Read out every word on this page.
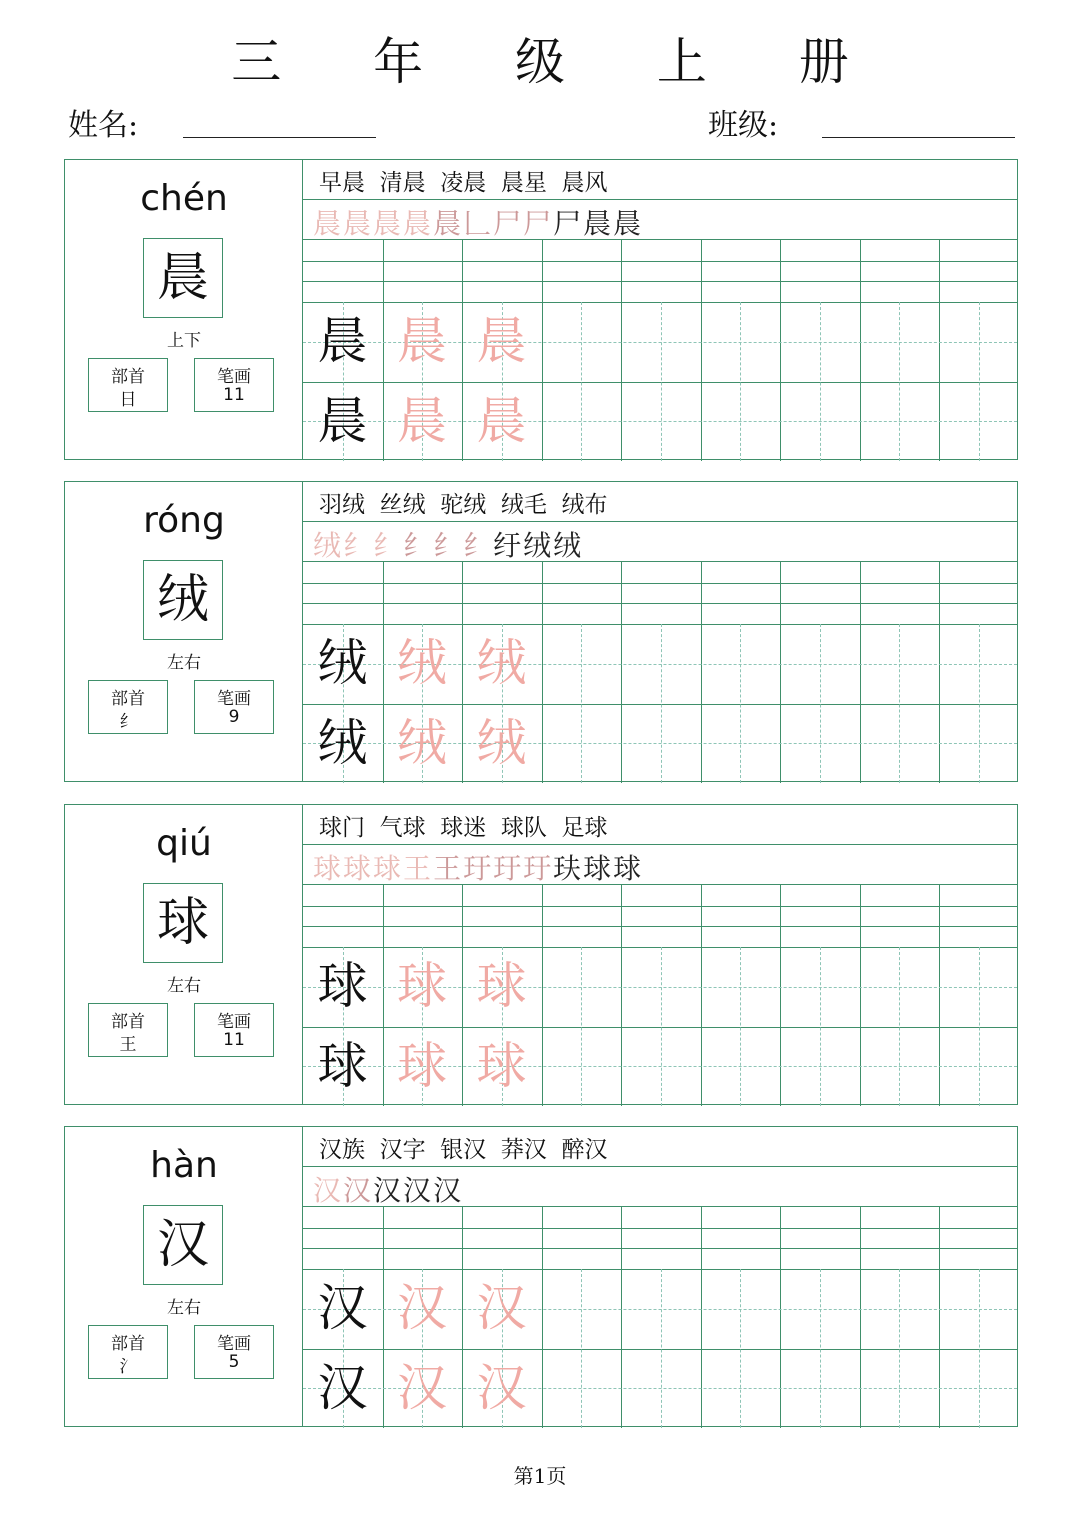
三 年 级 上 册
姓名:	班级:
chén
晨
上下
部首
日
笔画
11
早晨  清晨  凌晨  晨星  晨风
晨晨晨晨晨𠃊尸尸尸晨晨
晨 晨 晨
晨 晨 晨
róng
绒
左右
部首
纟
笔画
9
羽绒  丝绒  驼绒  绒毛  绒布
绒纟纟纟纟纟纡绒绒
绒 绒 绒
绒 绒 绒
qiú
球
左右
部首
王
笔画
11
球门  气球  球迷  球队  足球
球球球王王玗玗玗玞球球
球 球 球
球 球 球
hàn
汉
左右
部首
氵
笔画
5
汉族  汉字  银汉  莽汉  醉汉
汉汉汉汉汉
汉 汉 汉
汉 汉 汉
第1页
